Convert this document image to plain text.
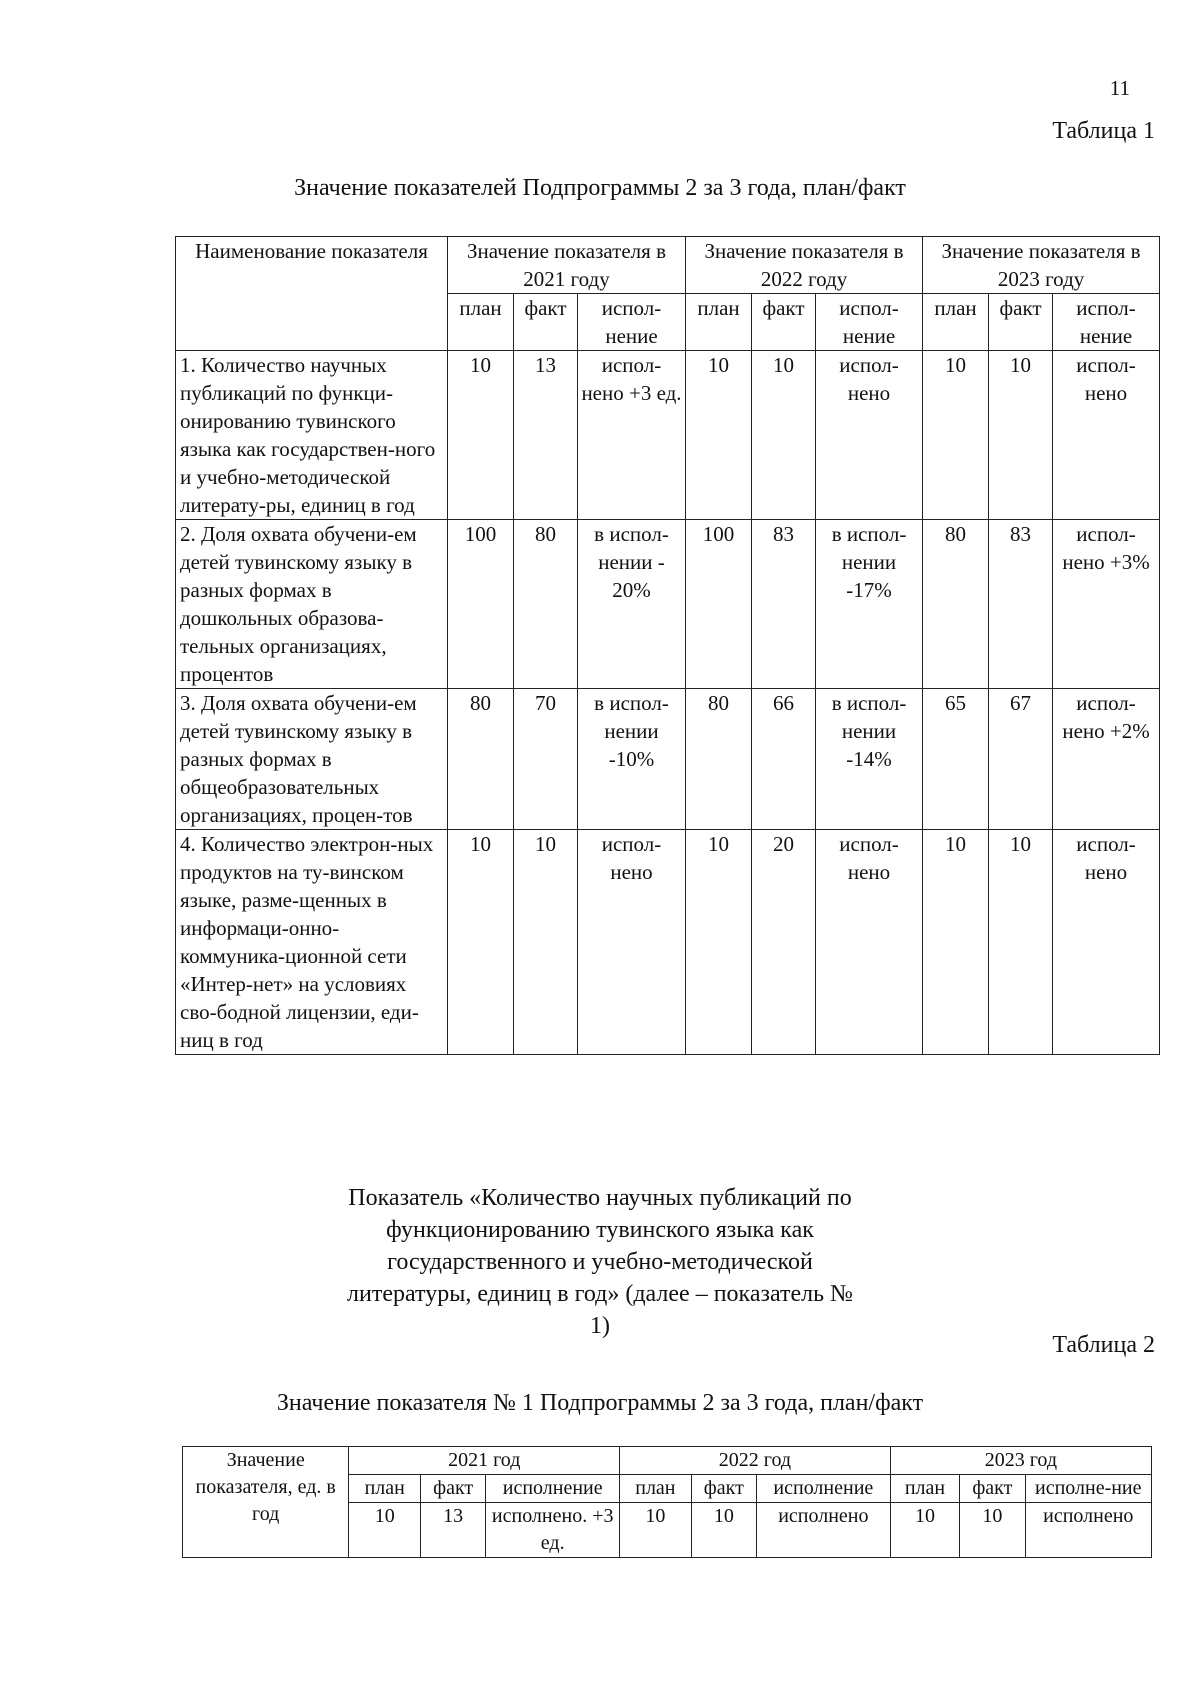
11
Таблица 1
Значение показателей Подпрограммы 2 за 3 года, план/факт
Наименование показателя	Значение показателя в 2021 году			Значение показателя в 2022 году			Значение показателя в 2023 году		
	план	факт	испол-нение	план	факт	испол-нение	план	факт	испол-нение
1. Количество научных публикаций по функци-онированию тувинского языка как государствен-ного и учебно-методической литерату-ры, единиц в год	10	13	испол-нено +3 ед.	10	10	испол-нено	10	10	испол-нено
2. Доля охвата обучени-ем детей тувинскому языку в разных формах в дошкольных образова-тельных организациях, процентов	100	80	в испол-нении - 20%	100	83	в испол-нении -17%	80	83	испол-нено +3%
3. Доля охвата обучени-ем детей тувинскому языку в разных формах в общеобразовательных организациях, процен-тов	80	70	в испол-нении -10%	80	66	в испол-нении -14%	65	67	испол-нено +2%
4. Количество электрон-ных продуктов на ту-винском языке, разме-щенных в информаци-онно-коммуника-ционной сети «Интер-нет» на условиях сво-бодной лицензии, еди-ниц в год	10	10	испол-нено	10	20	испол-нено	10	10	испол-нено
Показатель «Количество научных публикаций по функционированию тувинского языка как государственного и учебно-методической литературы, единиц в год» (далее – показатель № 1)
Таблица 2
Значение показателя № 1 Подпрограммы 2 за 3 года, план/факт
Значение показателя, ед. в год	2021 год			2022 год			2023 год		
	план	факт	исполнение	план	факт	исполнение	план	факт	исполне-ние
	10	13	исполнено. +3 ед.	10	10	исполнено	10	10	исполнено
